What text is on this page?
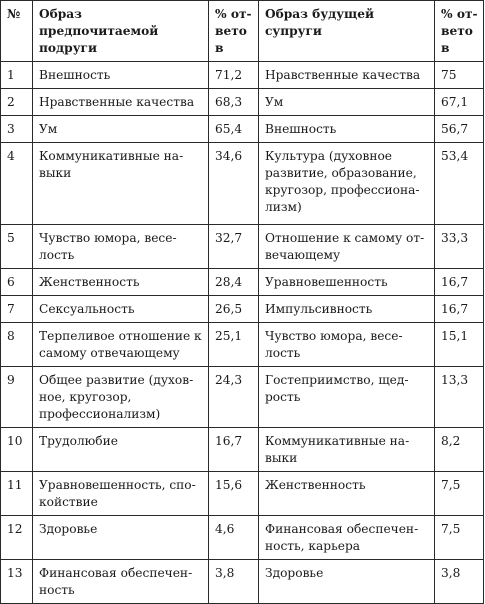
№	Образ предпочитаемой подруги	% ответов	Образ будущей супруги	% ответов
1	Внешность	71,2	Нравственные качества	75
2	Нравственные качества	68,3	Ум	67,1
3	Ум	65,4	Внешность	56,7
4	Коммуникативные навыки	34,6	Культура (духовное развитие, образование, кругозор, профессионализм)	53,4
5	Чувство юмора, веселость	32,7	Отношение к самому отвечающему	33,3
6	Женственность	28,4	Уравновешенность	16,7
7	Сексуальность	26,5	Импульсивность	16,7
8	Терпеливое отношение к самому отвечающему	25,1	Чувство юмора, веселость	15,1
9	Общее развитие (духовное, кругозор, профессионализм)	24,3	Гостеприимство, щедрость	13,3
10	Трудолюбие	16,7	Коммуникативные навыки	8,2
11	Уравновешенность, спокойствие	15,6	Женственность	7,5
12	Здоровье	4,6	Финансовая обеспеченность, карьера	7,5
13	Финансовая обеспеченность	3,8	Здоровье	3,8
